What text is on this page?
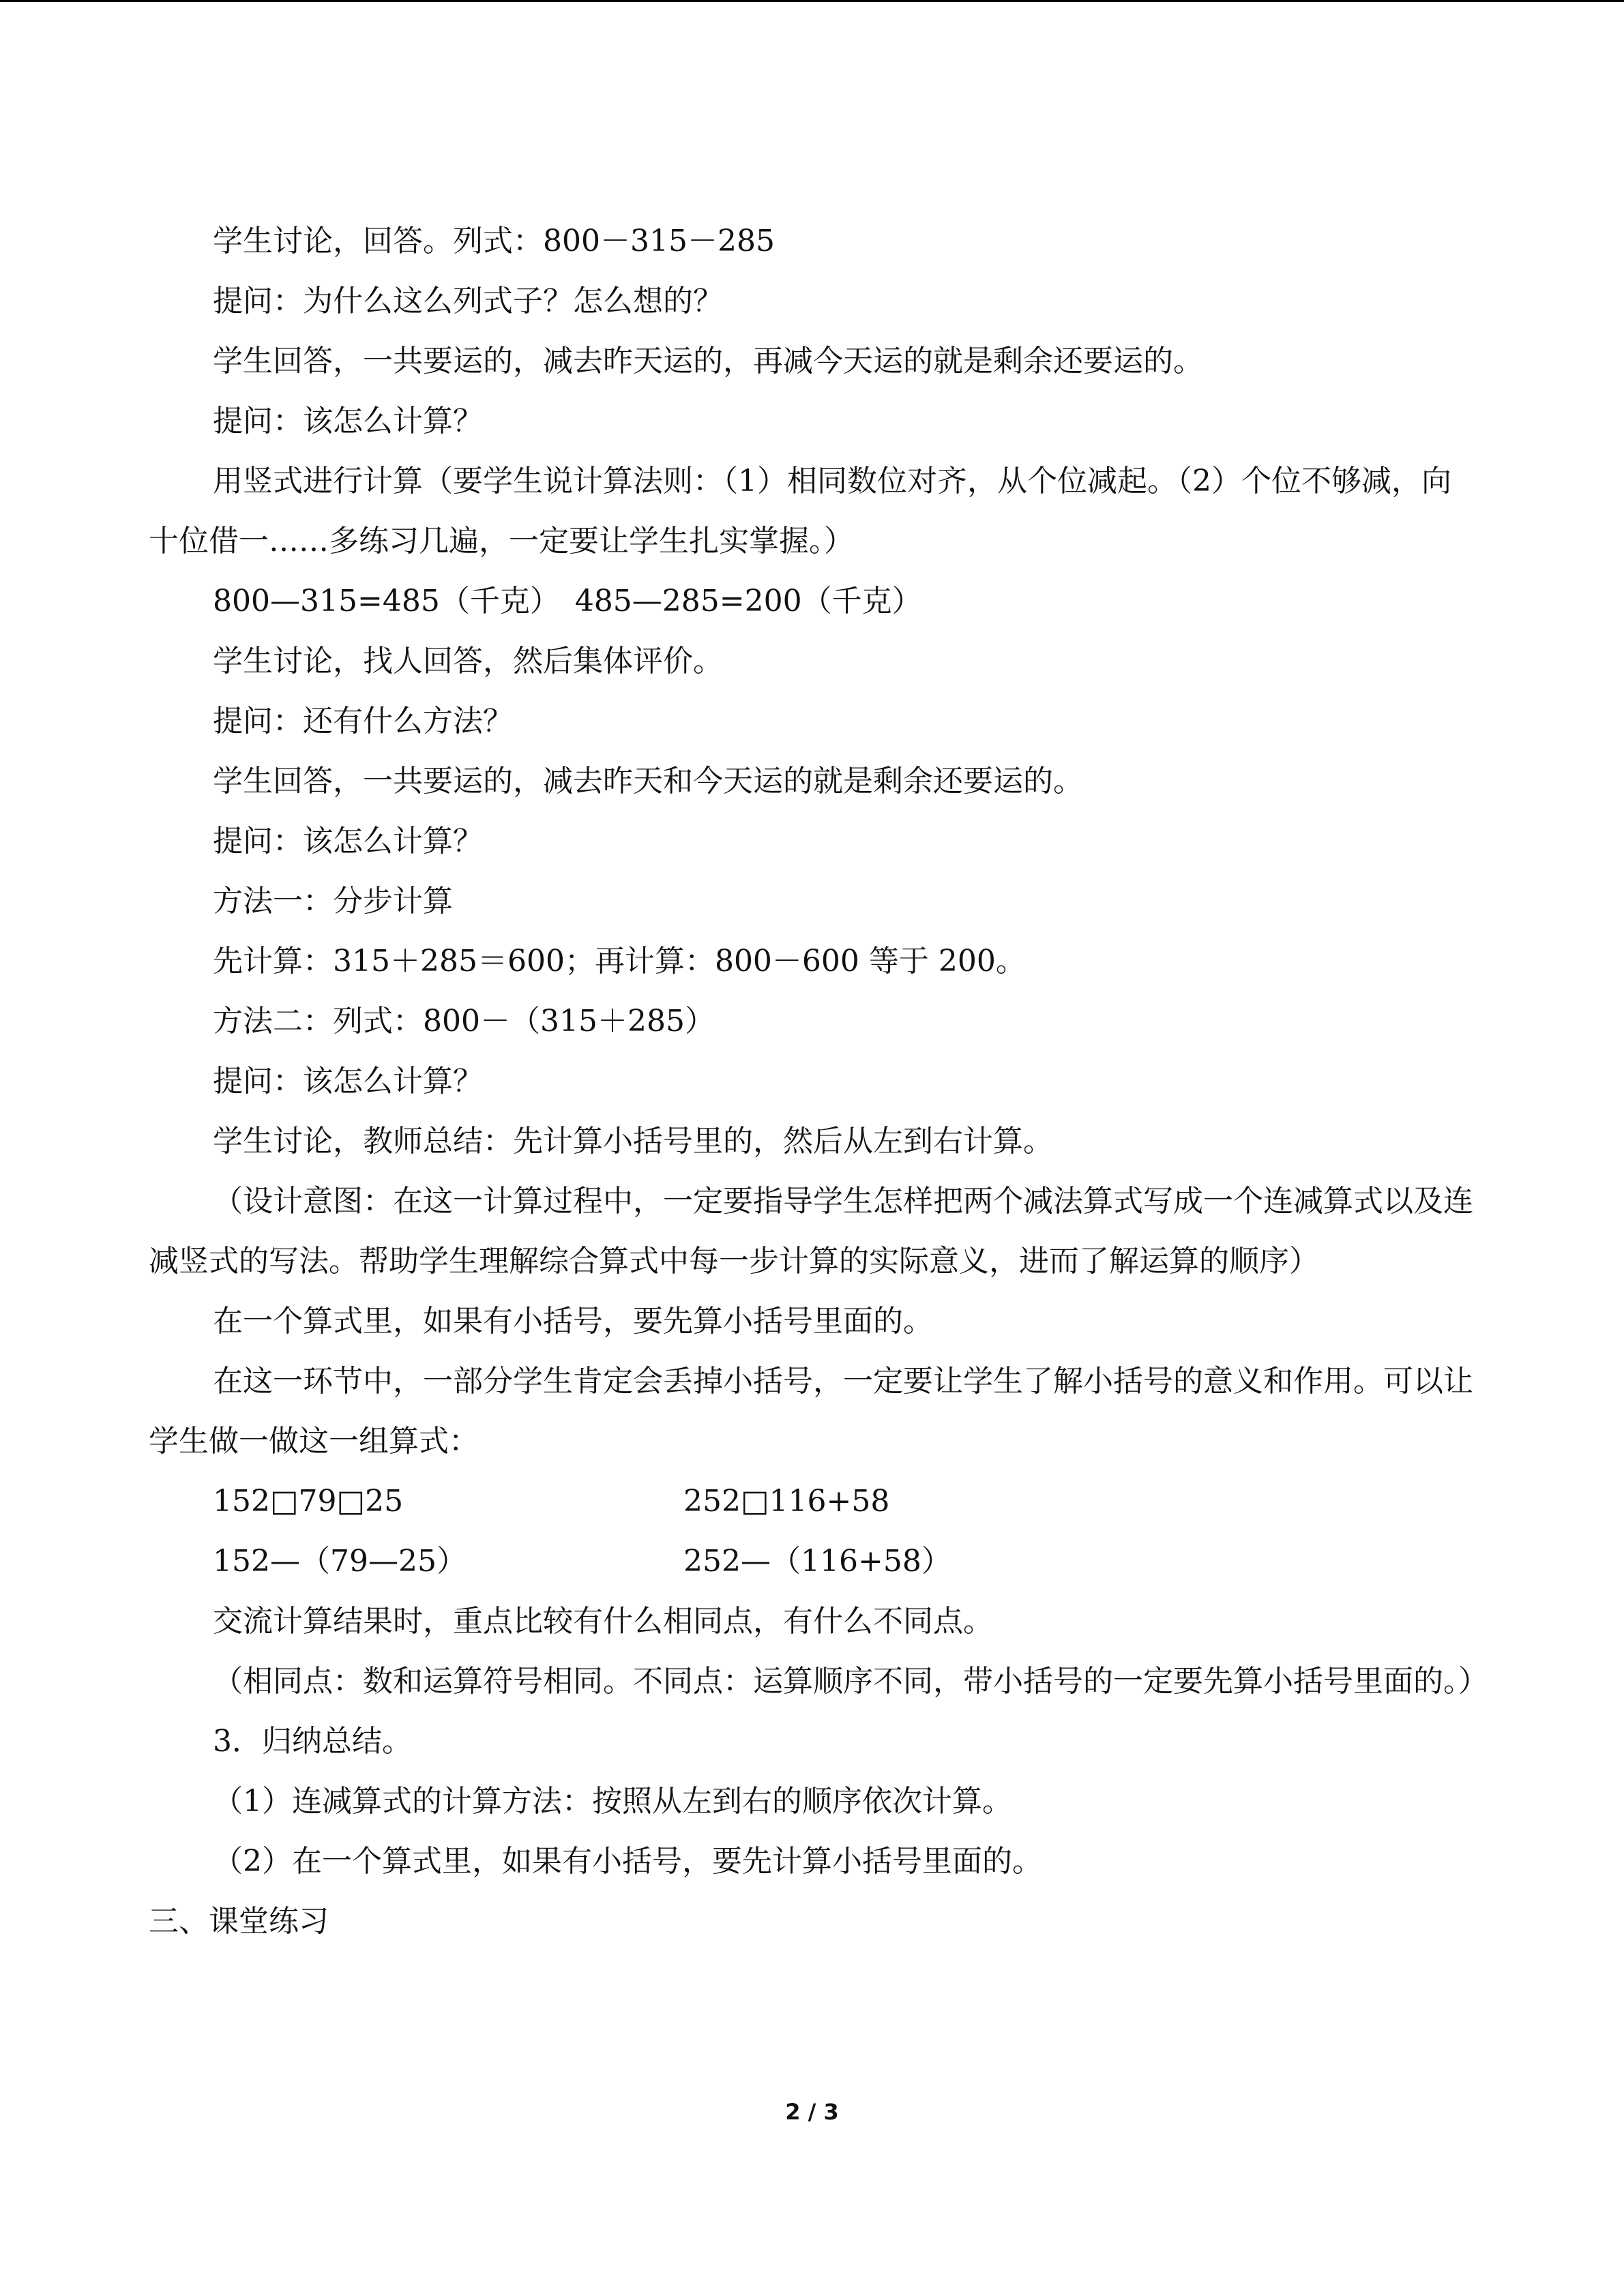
学生讨论，回答。列式：800－315－285

提问：为什么这么列式子？怎么想的？

学生回答，一共要运的，减去昨天运的，再减今天运的就是剩余还要运的。

提问：该怎么计算？

用竖式进行计算（要学生说计算法则：（1）相同数位对齐，从个位减起。（2）个位不够减，向十位借一……多练习几遍，一定要让学生扎实掌握。）

800—315=485（千克）　485—285=200（千克）

学生讨论，找人回答，然后集体评价。

提问：还有什么方法？

学生回答，一共要运的，减去昨天和今天运的就是剩余还要运的。

提问：该怎么计算？

方法一：分步计算

先计算：315＋285＝600；再计算：800－600 等于 200。

方法二：列式：800－（315＋285）

提问：该怎么计算？

学生讨论，教师总结：先计算小括号里的，然后从左到右计算。

（设计意图：在这一计算过程中，一定要指导学生怎样把两个减法算式写成一个连减算式以及连减竖式的写法。帮助学生理解综合算式中每一步计算的实际意义，进而了解运算的顺序）

在一个算式里，如果有小括号，要先算小括号里面的。

在这一环节中，一部分学生肯定会丢掉小括号，一定要让学生了解小括号的意义和作用。可以让学生做一做这一组算式：

152□79□25	252□116+58
152—（79—25）	252—（116+58）

交流计算结果时，重点比较有什么相同点，有什么不同点。

（相同点：数和运算符号相同。不同点：运算顺序不同，带小括号的一定要先算小括号里面的。）

3．归纳总结。

（1）连减算式的计算方法：按照从左到右的顺序依次计算。

（2）在一个算式里，如果有小括号，要先计算小括号里面的。

三、课堂练习

2 / 3
